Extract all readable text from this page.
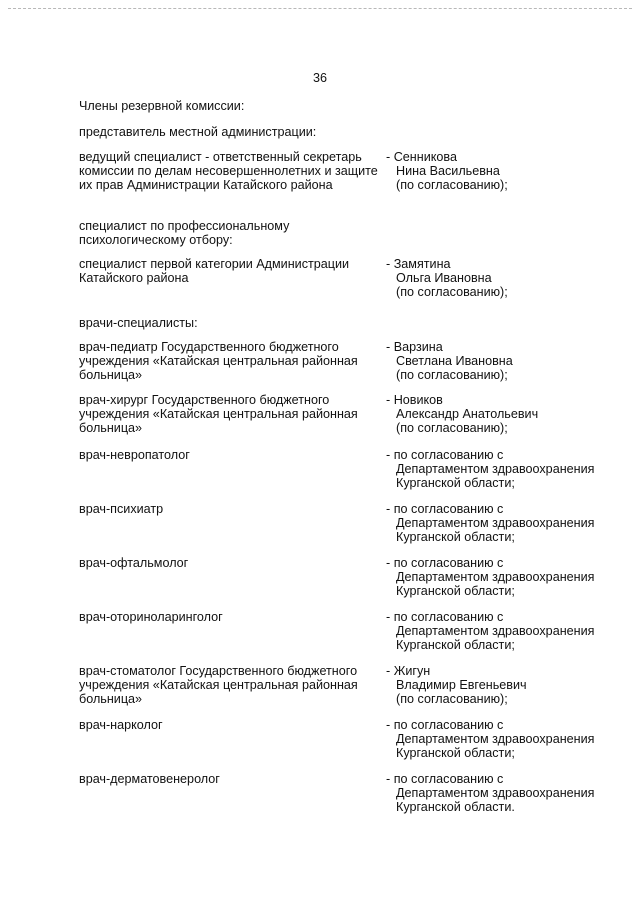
36
Члены резервной комиссии:
представитель местной администрации:
ведущий специалист - ответственный секретарь комиссии по делам несовершеннолетних и защите их прав Администрации Катайского района
- Сенникова
Нина Васильевна
(по согласованию);
специалист по профессиональному психологическому отбору:
специалист первой категории Администрации Катайского района
- Замятина
Ольга Ивановна
(по согласованию);
врачи-специалисты:
врач-педиатр Государственного бюджетного учреждения «Катайская центральная районная больница»
- Варзина
Светлана Ивановна
(по согласованию);
врач-хирург Государственного бюджетного учреждения «Катайская центральная районная больница»
- Новиков
Александр Анатольевич
(по согласованию);
врач-невропатолог	- по согласованию с
Департаментом здравоохранения
Курганской области;
врач-психиатр	- по согласованию с
Департаментом здравоохранения
Курганской области;
врач-офтальмолог	- по согласованию с
Департаментом здравоохранения
Курганской области;
врач-оториноларинголог	- по согласованию с
Департаментом здравоохранения
Курганской области;
врач-стоматолог Государственного бюджетного учреждения «Катайская центральная районная больница»
- Жигун
Владимир Евгеньевич
(по согласованию);
врач-нарколог	- по согласованию с
Департаментом здравоохранения
Курганской области;
врач-дерматовенеролог	- по согласованию с
Департаментом здравоохранения
Курганской области.
